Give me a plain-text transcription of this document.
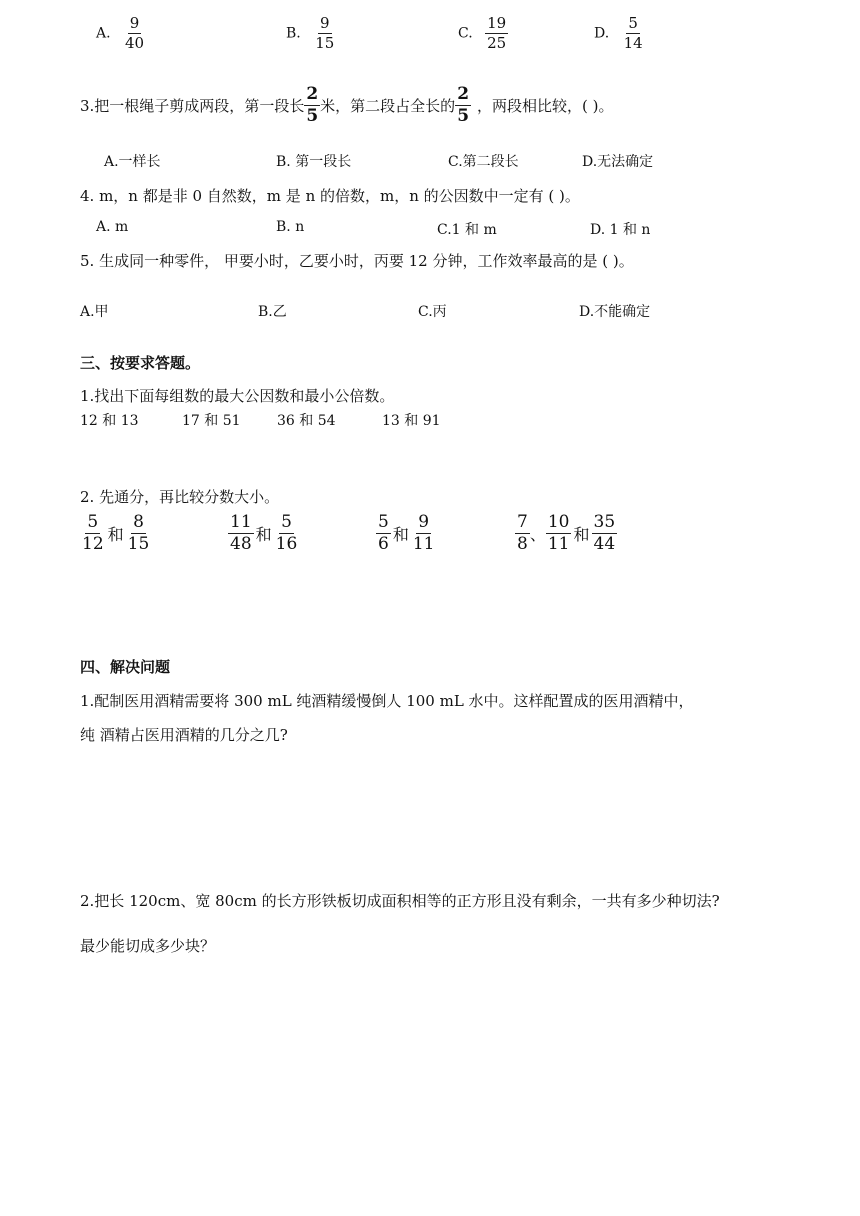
A. $\frac{9}{40}$	B. $\frac{9}{15}$	C. $\frac{19}{25}$	D. $\frac{5}{14}$
3.把一根绳子剪成两段，第一段长 $\frac{2}{5}$ 米，第二段占全长的 $\frac{2}{5}$ ，两段相比较，( )。
A.一样长	B. 第一段长	C.第二段长	D.无法确定
4. m，n 都是非 0 自然数，m 是 n 的倍数，m，n 的公因数中一定有 ( )。
A. m	B. n	C.1 和 m	D. 1 和 n
5. 生成同一种零件， 甲要小时，乙要小时，丙要 12 分钟，工作效率最高的是 ( )。
A.甲	B.乙	C.丙	D.不能确定
三、按要求答题。
1.找出下面每组数的最大公因数和最小公倍数。
12 和 13	17 和 51	36 和 54	13 和 91
2. 先通分，再比较分数大小。
$\frac{5}{12}$ 和 $\frac{8}{15}$	$\frac{11}{48}$ 和 $\frac{5}{16}$	$\frac{5}{6}$ 和 $\frac{9}{11}$	$\frac{7}{8}$ 、 $\frac{10}{11}$ 和 $\frac{35}{44}$
四、解决问题
1.配制医用酒精需要将 300 mL 纯酒精缓慢倒人 100 mL 水中。这样配置成的医用酒精中，
纯 酒精占医用酒精的几分之几?
2.把长 120cm、宽 80cm 的长方形铁板切成面积相等的正方形且没有剩余，一共有多少种切法?
最少能切成多少块？
